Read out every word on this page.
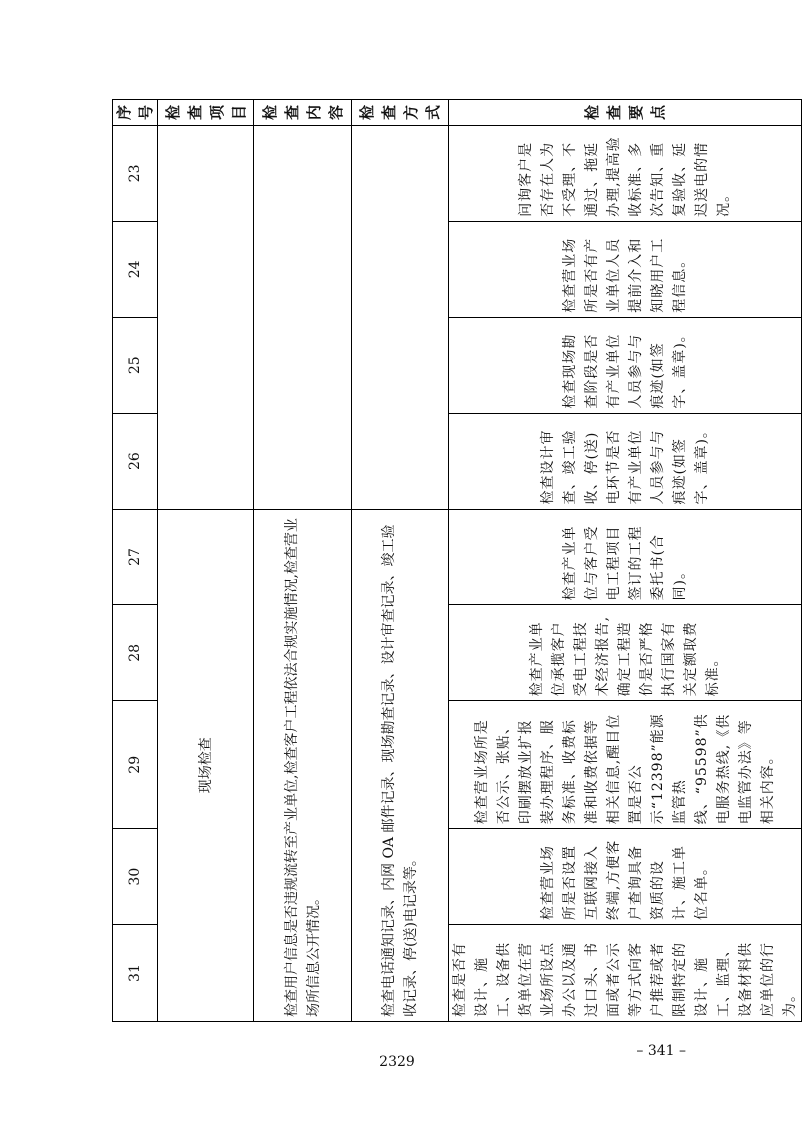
31	30	29	28	27	26	25	24	23	序号
现场检查									检查项目
检查用户信息是否违规流转至产业单位,检查客户工程依法合规实施情况,检查营业场所信息公开情况。									检查内容
检查电话通知记录、内网 OA 邮件记录、现场勘查记录、设计审查记录、竣工验收记录、停(送)电记录等。									检查方式
检查是否有设计、施工、设备供货单位在营业场所设点办公以及通过口头、书面或者公示等方式向客户推荐或者限制特定的设计、施工、监理、设备材料供应单位的行为。	检查营业场所是否设置互联网接入终端,方便客户查询具备资质的设计、施工单位名单。	检查营业场所是否公示、张贴、印刷摆放业扩报装办理程序、服务标准、收费标准和收费依据等相关信息,醒目位置是否公示“12398”能源监管热线、“95598”供电服务热线,《供电监管办法》等相关内容。	检查产业单位承揽客户受电工程技术经济报告,确定工程造价是否严格执行国家有关定额取费标准。	检查产业单位与客户受电工程项目签订的工程委托书(合同)。	检查设计审查、竣工验收、停(送)电环节是否有产业单位人员参与与痕迹(如签字、盖章)。	检查现场勘查阶段是否有产业单位人员参与与痕迹(如签字、盖章)。	检查营业场所是否有产业单位人员提前介入和知晓用户工程信息。	问询客户是否存在人为不受理、不通过、拖延办理,提高验收标准、多次告知、重复验收、延迟送电的情况。	检查要点
– 341 –
2329
